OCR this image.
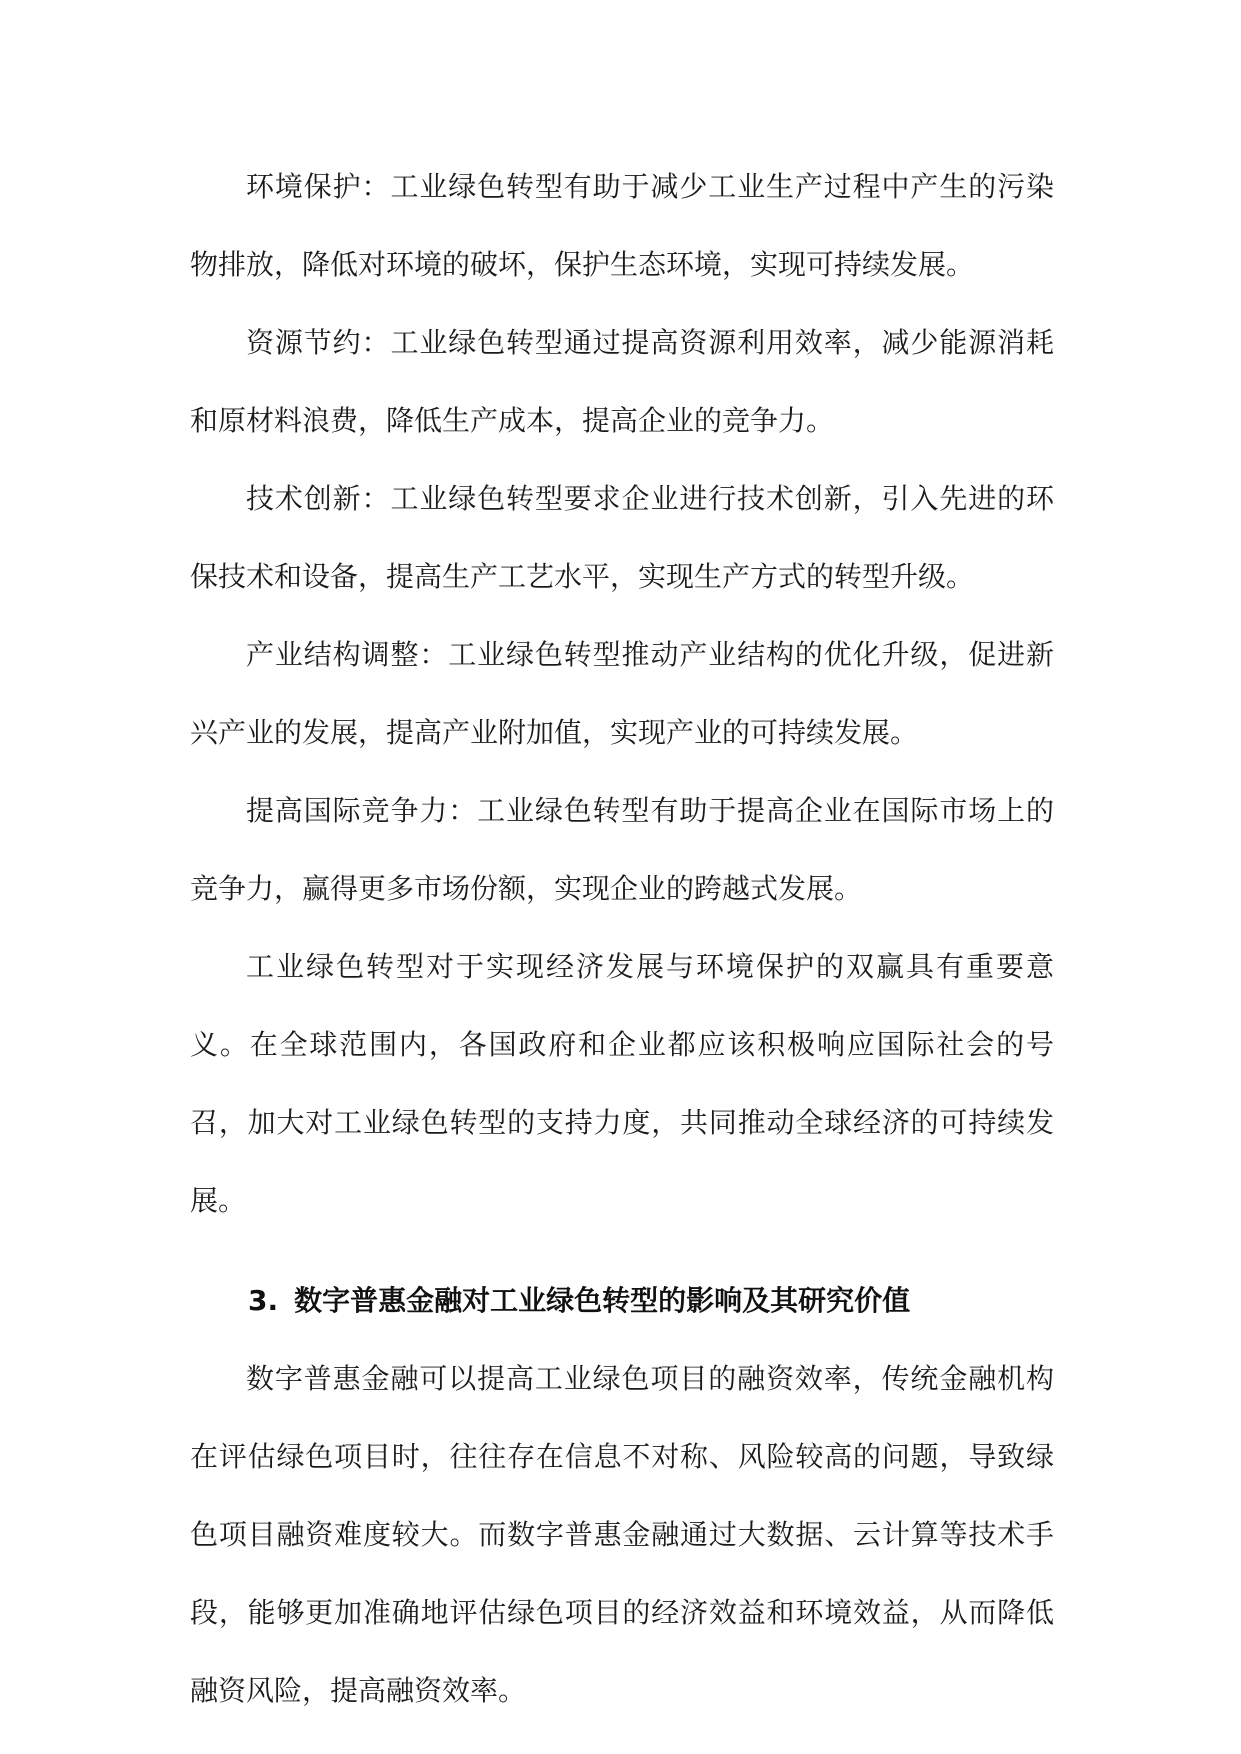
环境保护：工业绿色转型有助于减少工业生产过程中产生的污染物排放，降低对环境的破坏，保护生态环境，实现可持续发展。

资源节约：工业绿色转型通过提高资源利用效率，减少能源消耗和原材料浪费，降低生产成本，提高企业的竞争力。

技术创新：工业绿色转型要求企业进行技术创新，引入先进的环保技术和设备，提高生产工艺水平，实现生产方式的转型升级。

产业结构调整：工业绿色转型推动产业结构的优化升级，促进新兴产业的发展，提高产业附加值，实现产业的可持续发展。

提高国际竞争力：工业绿色转型有助于提高企业在国际市场上的竞争力，赢得更多市场份额，实现企业的跨越式发展。

工业绿色转型对于实现经济发展与环境保护的双赢具有重要意义。在全球范围内，各国政府和企业都应该积极响应国际社会的号召，加大对工业绿色转型的支持力度，共同推动全球经济的可持续发展。

3. 数字普惠金融对工业绿色转型的影响及其研究价值

数字普惠金融可以提高工业绿色项目的融资效率，传统金融机构在评估绿色项目时，往往存在信息不对称、风险较高的问题，导致绿色项目融资难度较大。而数字普惠金融通过大数据、云计算等技术手段，能够更加准确地评估绿色项目的经济效益和环境效益，从而降低融资风险，提高融资效率。
